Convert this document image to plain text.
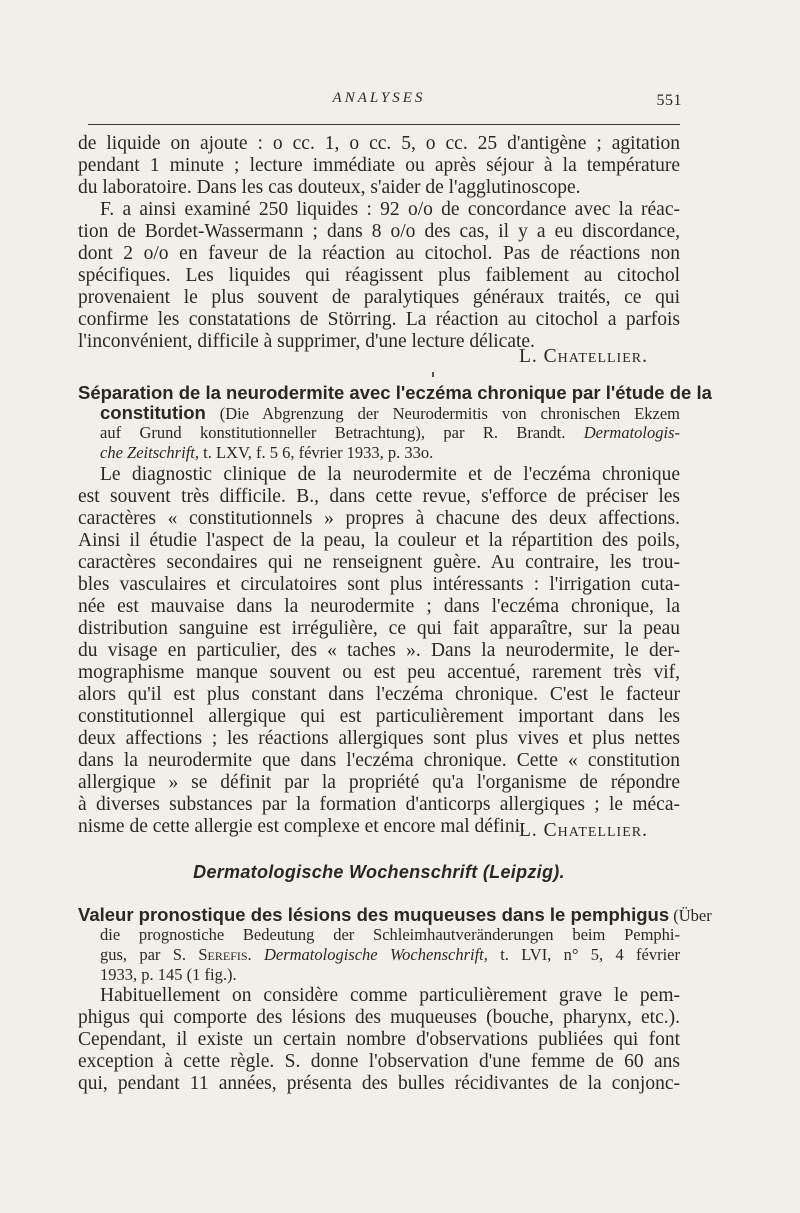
ANALYSES	551
de liquide on ajoute : o cc. 1, o cc. 5, o cc. 25 d'antigène ; agitation
pendant 1 minute ; lecture immédiate ou après séjour à la température
du laboratoire. Dans les cas douteux, s'aider de l'agglutinoscope.
F. a ainsi examiné 250 liquides : 92 o/o de concordance avec la réac-
tion de Bordet-Wassermann ; dans 8 o/o des cas, il y a eu discordance,
dont 2 o/o en faveur de la réaction au citochol. Pas de réactions non
spécifiques. Les liquides qui réagissent plus faiblement au citochol
provenaient le plus souvent de paralytiques généraux traités, ce qui
confirme les constatations de Störring. La réaction au citochol a parfois
l'inconvénient, difficile à supprimer, d'une lecture délicate.
L. Chatellier.
Séparation de la neurodermite avec l'eczéma chronique par l'étude de la
constitution (Die Abgrenzung der Neurodermitis von chronischen Ekzem
auf Grund konstitutionneller Betrachtung), par R. Brandt. Dermatologis-
che Zeitschrift, t. LXV, f. 5 6, février 1933, p. 33o.
Le diagnostic clinique de la neurodermite et de l'eczéma chronique
est souvent très difficile. B., dans cette revue, s'efforce de préciser les
caractères « constitutionnels » propres à chacune des deux affections.
Ainsi il étudie l'aspect de la peau, la couleur et la répartition des poils,
caractères secondaires qui ne renseignent guère. Au contraire, les trou-
bles vasculaires et circulatoires sont plus intéressants : l'irrigation cuta-
née est mauvaise dans la neurodermite ; dans l'eczéma chronique, la
distribution sanguine est irrégulière, ce qui fait apparaître, sur la peau
du visage en particulier, des « taches ». Dans la neurodermite, le der-
mographisme manque souvent ou est peu accentué, rarement très vif,
alors qu'il est plus constant dans l'eczéma chronique. C'est le facteur
constitutionnel allergique qui est particulièrement important dans les
deux affections ; les réactions allergiques sont plus vives et plus nettes
dans la neurodermite que dans l'eczéma chronique. Cette « constitution
allergique » se définit par la propriété qu'a l'organisme de répondre
à diverses substances par la formation d'anticorps allergiques ; le méca-
nisme de cette allergie est complexe et encore mal défini.
L. Chatellier.
Dermatologische Wochenschrift (Leipzig).
Valeur pronostique des lésions des muqueuses dans le pemphigus (Über
die prognostiche Bedeutung der Schleimhautveränderungen beim Pemphi-
gus, par S. Serefis. Dermatologische Wochenschrift, t. LVI, n° 5, 4 février
1933, p. 145 (1 fig.).
Habituellement on considère comme particulièrement grave le pem-
phigus qui comporte des lésions des muqueuses (bouche, pharynx, etc.).
Cependant, il existe un certain nombre d'observations publiées qui font
exception à cette règle. S. donne l'observation d'une femme de 60 ans
qui, pendant 11 années, présenta des bulles récidivantes de la conjonc-
